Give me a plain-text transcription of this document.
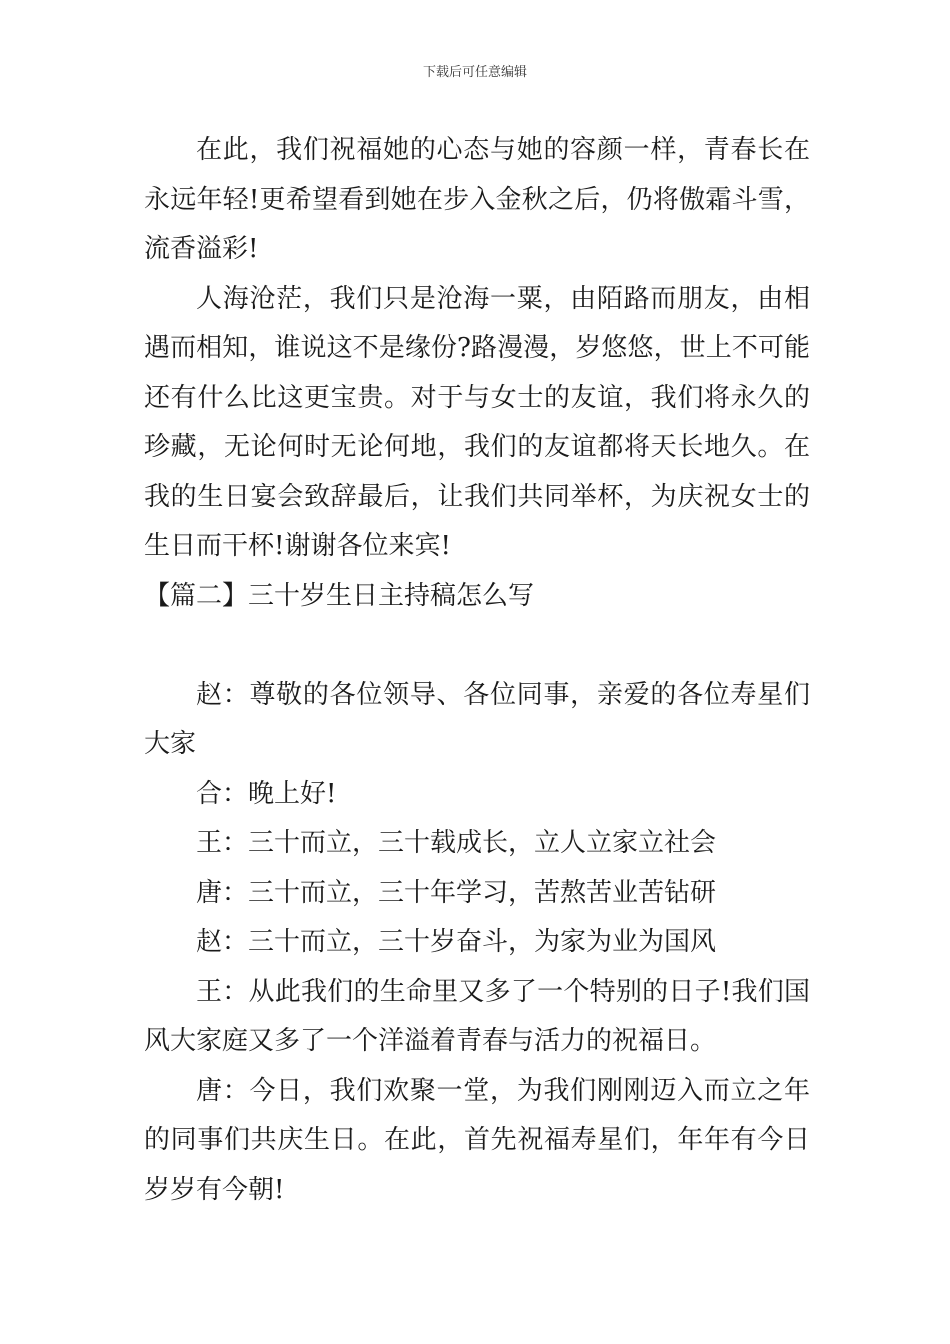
下载后可任意编辑

在此，我们祝福她的心态与她的容颜一样，青春长在永远年轻!更希望看到她在步入金秋之后，仍将傲霜斗雪，流香溢彩!

人海沧茫，我们只是沧海一粟，由陌路而朋友，由相遇而相知，谁说这不是缘份?路漫漫，岁悠悠，世上不可能还有什么比这更宝贵。对于与女士的友谊，我们将永久的珍藏，无论何时无论何地，我们的友谊都将天长地久。在我的生日宴会致辞最后，让我们共同举杯，为庆祝女士的生日而干杯!谢谢各位来宾!

【篇二】三十岁生日主持稿怎么写

赵：尊敬的各位领导、各位同事，亲爱的各位寿星们大家

合：晚上好!

王：三十而立，三十载成长，立人立家立社会

唐：三十而立，三十年学习，苦熬苦业苦钻研

赵：三十而立，三十岁奋斗，为家为业为国风

王：从此我们的生命里又多了一个特别的日子!我们国风大家庭又多了一个洋溢着青春与活力的祝福日。

唐：今日，我们欢聚一堂，为我们刚刚迈入而立之年的同事们共庆生日。在此，首先祝福寿星们，年年有今日岁岁有今朝!
